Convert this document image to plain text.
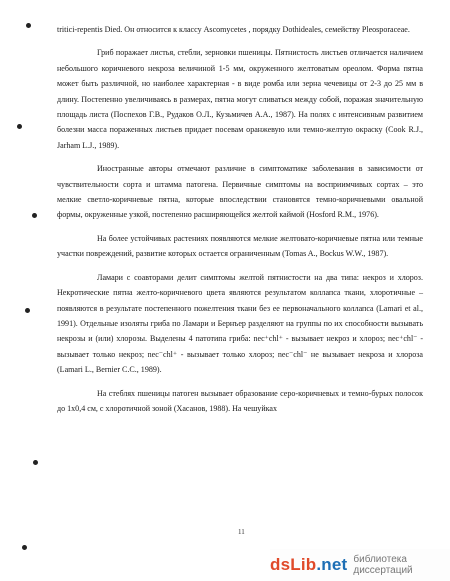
tritici-repentis Died. Он относится к классу Ascomycetes , порядку Dothideales, семейству Pleosporaceae.

Гриб поражает листья, стебли, зерновки пшеницы. Пятнистость листьев отличается наличием небольшого коричневого некроза величиной 1-5 мм, окруженного желтоватым ореолом. Форма пятна может быть различной, но наиболее характерная - в виде ромба или зерна чечевицы от 2-3 до 25 мм в длину. Постепенно увеличиваясь в размерах, пятна могут сливаться между собой, поражая значительную площадь листа (Поспехов Г.В., Рудаков О.Л., Кузьмичев А.А., 1987). На полях с интенсивным развитием болезни масса пораженных листьев придает посевам оранжевую или темно-желтую окраску (Cook R.J., Jarham L.J., 1989).

Иностранные авторы отмечают различие в симптоматике заболевания в зависимости от чувствительности сорта и штамма патогена. Первичные симптомы на восприимчивых сортах – это мелкие светло-коричневые пятна, которые впоследствии становятся темно-коричневыми овальной формы, окруженные узкой, постепенно расширяющейся желтой каймой (Hosford R.M., 1976).

На более устойчивых растениях появляются мелкие желтовато-коричневые пятна или темные участки повреждений, развитие которых остается ограниченным (Tomas A., Bockus W.W., 1987).

Ламари с соавторами делит симптомы желтой пятнистости на два типа: некроз и хлороз. Некротические пятна желто-коричневого цвета являются результатом коллапса ткани, хлоротичные – появляются в результате постепенного пожелтения ткани без ее первоначального коллапса (Lamari et al., 1991). Отдельные изоляты гриба по Ламари и Бернъер разделяют на группы по их способности вызывать некрозы и (или) хлорозы. Выделены 4 патотипа гриба: nec⁺chl⁺ - вызывает некроз и хлороз; nec⁺chl⁻ - вызывает только некроз; nec⁻chl⁺ - вызывает только хлороз; nec⁻chl⁻ не вызывает некроза и хлороза (Lamari L., Bernier C.C., 1989).

На стеблях пшеницы патоген вызывает образование серо-коричневых и темно-бурых полосок до 1х0,4 см, с хлоротичной зоной (Хасанов, 1988). На чешуйках

11
dsLib.net библиотека диссертаций
